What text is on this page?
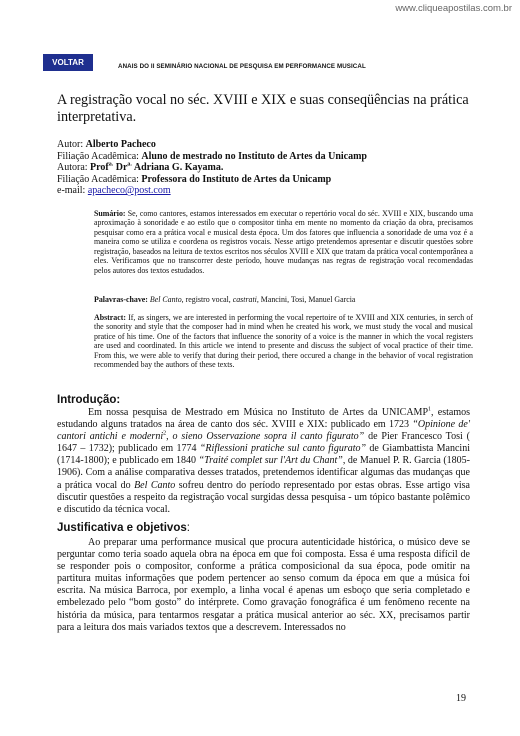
www.cliqueapostilas.com.br
VOLTAR	ANAIS DO II SEMINÁRIO NACIONAL DE PESQUISA EM PERFORMANCE MUSICAL
A registração vocal no séc. XVIII e XIX e suas conseqüências na prática interpretativa.
Autor: Alberto Pacheco
Filiação Acadêmica: Aluno de mestrado no Instituto de Artes da Unicamp
Autora: Prof$^{a.}$ $Dr^{a.}$ Adriana G. Kayama.
Filiação Acadêmica: Professora do Instituto de Artes da Unicamp
e-mail: apacheco@post.com
Sumário: Se, como cantores, estamos interessados em executar o repertório vocal do séc. XVIII e XIX, buscando uma aproximação à sonoridade e ao estilo que o compositor tinha em mente no momento da criação da obra, precisamos pesquisar como era a prática vocal e musical desta época. Um dos fatores que influencia a sonoridade de uma voz é a maneira como se utiliza e coordena os registros vocais. Nesse artigo pretendemos apresentar e discutir questões sobre registração, baseados na leitura de textos escritos nos séculos XVIII e XIX que tratam da prática vocal contemporânea a eles. Verificamos que no transcorrer deste período, houve mudanças nas regras de registração vocal recomendadas pelos autores dos textos estudados.
Palavras-chave: Bel Canto, registro vocal, castrati, Mancini, Tosi, Manuel Garcia
Abstract: If, as singers, we are interested in performing the vocal repertoire of te XVIII and XIX centuries, in serch of the sonority and style that the composer had in mind when he created his work, we must study the vocal and musical pratice of his time. One of the factors that influence the sonority of a voice is the manner in which the vocal registers are used and coordinated. In this article we intend to presente and discuss the subject of vocal practice of their time. From this, we were able to verify that during their period, there occured a change in the behavior of vocal registration recommended bay the authors of these texts.
Introdução:

Em nossa pesquisa de Mestrado em Música no Instituto de Artes da UNICAMP$^1$, estamos estudando alguns tratados na área de canto dos séc. XVIII e XIX: publicado em 1723 “Opinione de' cantori antichi e moderni$^2$, o sieno Osservazione sopra il canto figurato” de Pier Francesco Tosi ( 1647 – 1732); publicado em 1774 “Riflessioni pratiche sul canto figurato” de Giambattista Mancini (1714-1800); e publicado em 1840 “Traité complet sur l'Art du Chant”, de Manuel P. R. Garcia (1805-1906). Com a análise comparativa desses tratados, pretendemos identificar algumas das mudanças que a prática vocal do Bel Canto sofreu dentro do período representado por estas obras. Esse artigo visa discutir questões a respeito da registração vocal surgidas dessa pesquisa - um tópico bastante polêmico e discutido da técnica vocal.

Justificativa e objetivos:

Ao preparar uma performance musical que procura autenticidade histórica, o músico deve se perguntar como teria soado aquela obra na época em que foi composta. Essa é uma resposta difícil de se responder pois o compositor, conforme a prática composicional da sua época, pode omitir na partitura muitas informações que podem pertencer ao senso comum da época em que a música foi escrita. Na música Barroca, por exemplo, a linha vocal é apenas um esboço que seria completado e embelezado pelo “bom gosto” do intérprete. Como gravação fonográfica é um fenômeno recente na história da música, para tentarmos resgatar a prática musical anterior ao séc. XX, precisamos partir para a leitura dos mais variados textos que a descrevem. Interessados no

19
